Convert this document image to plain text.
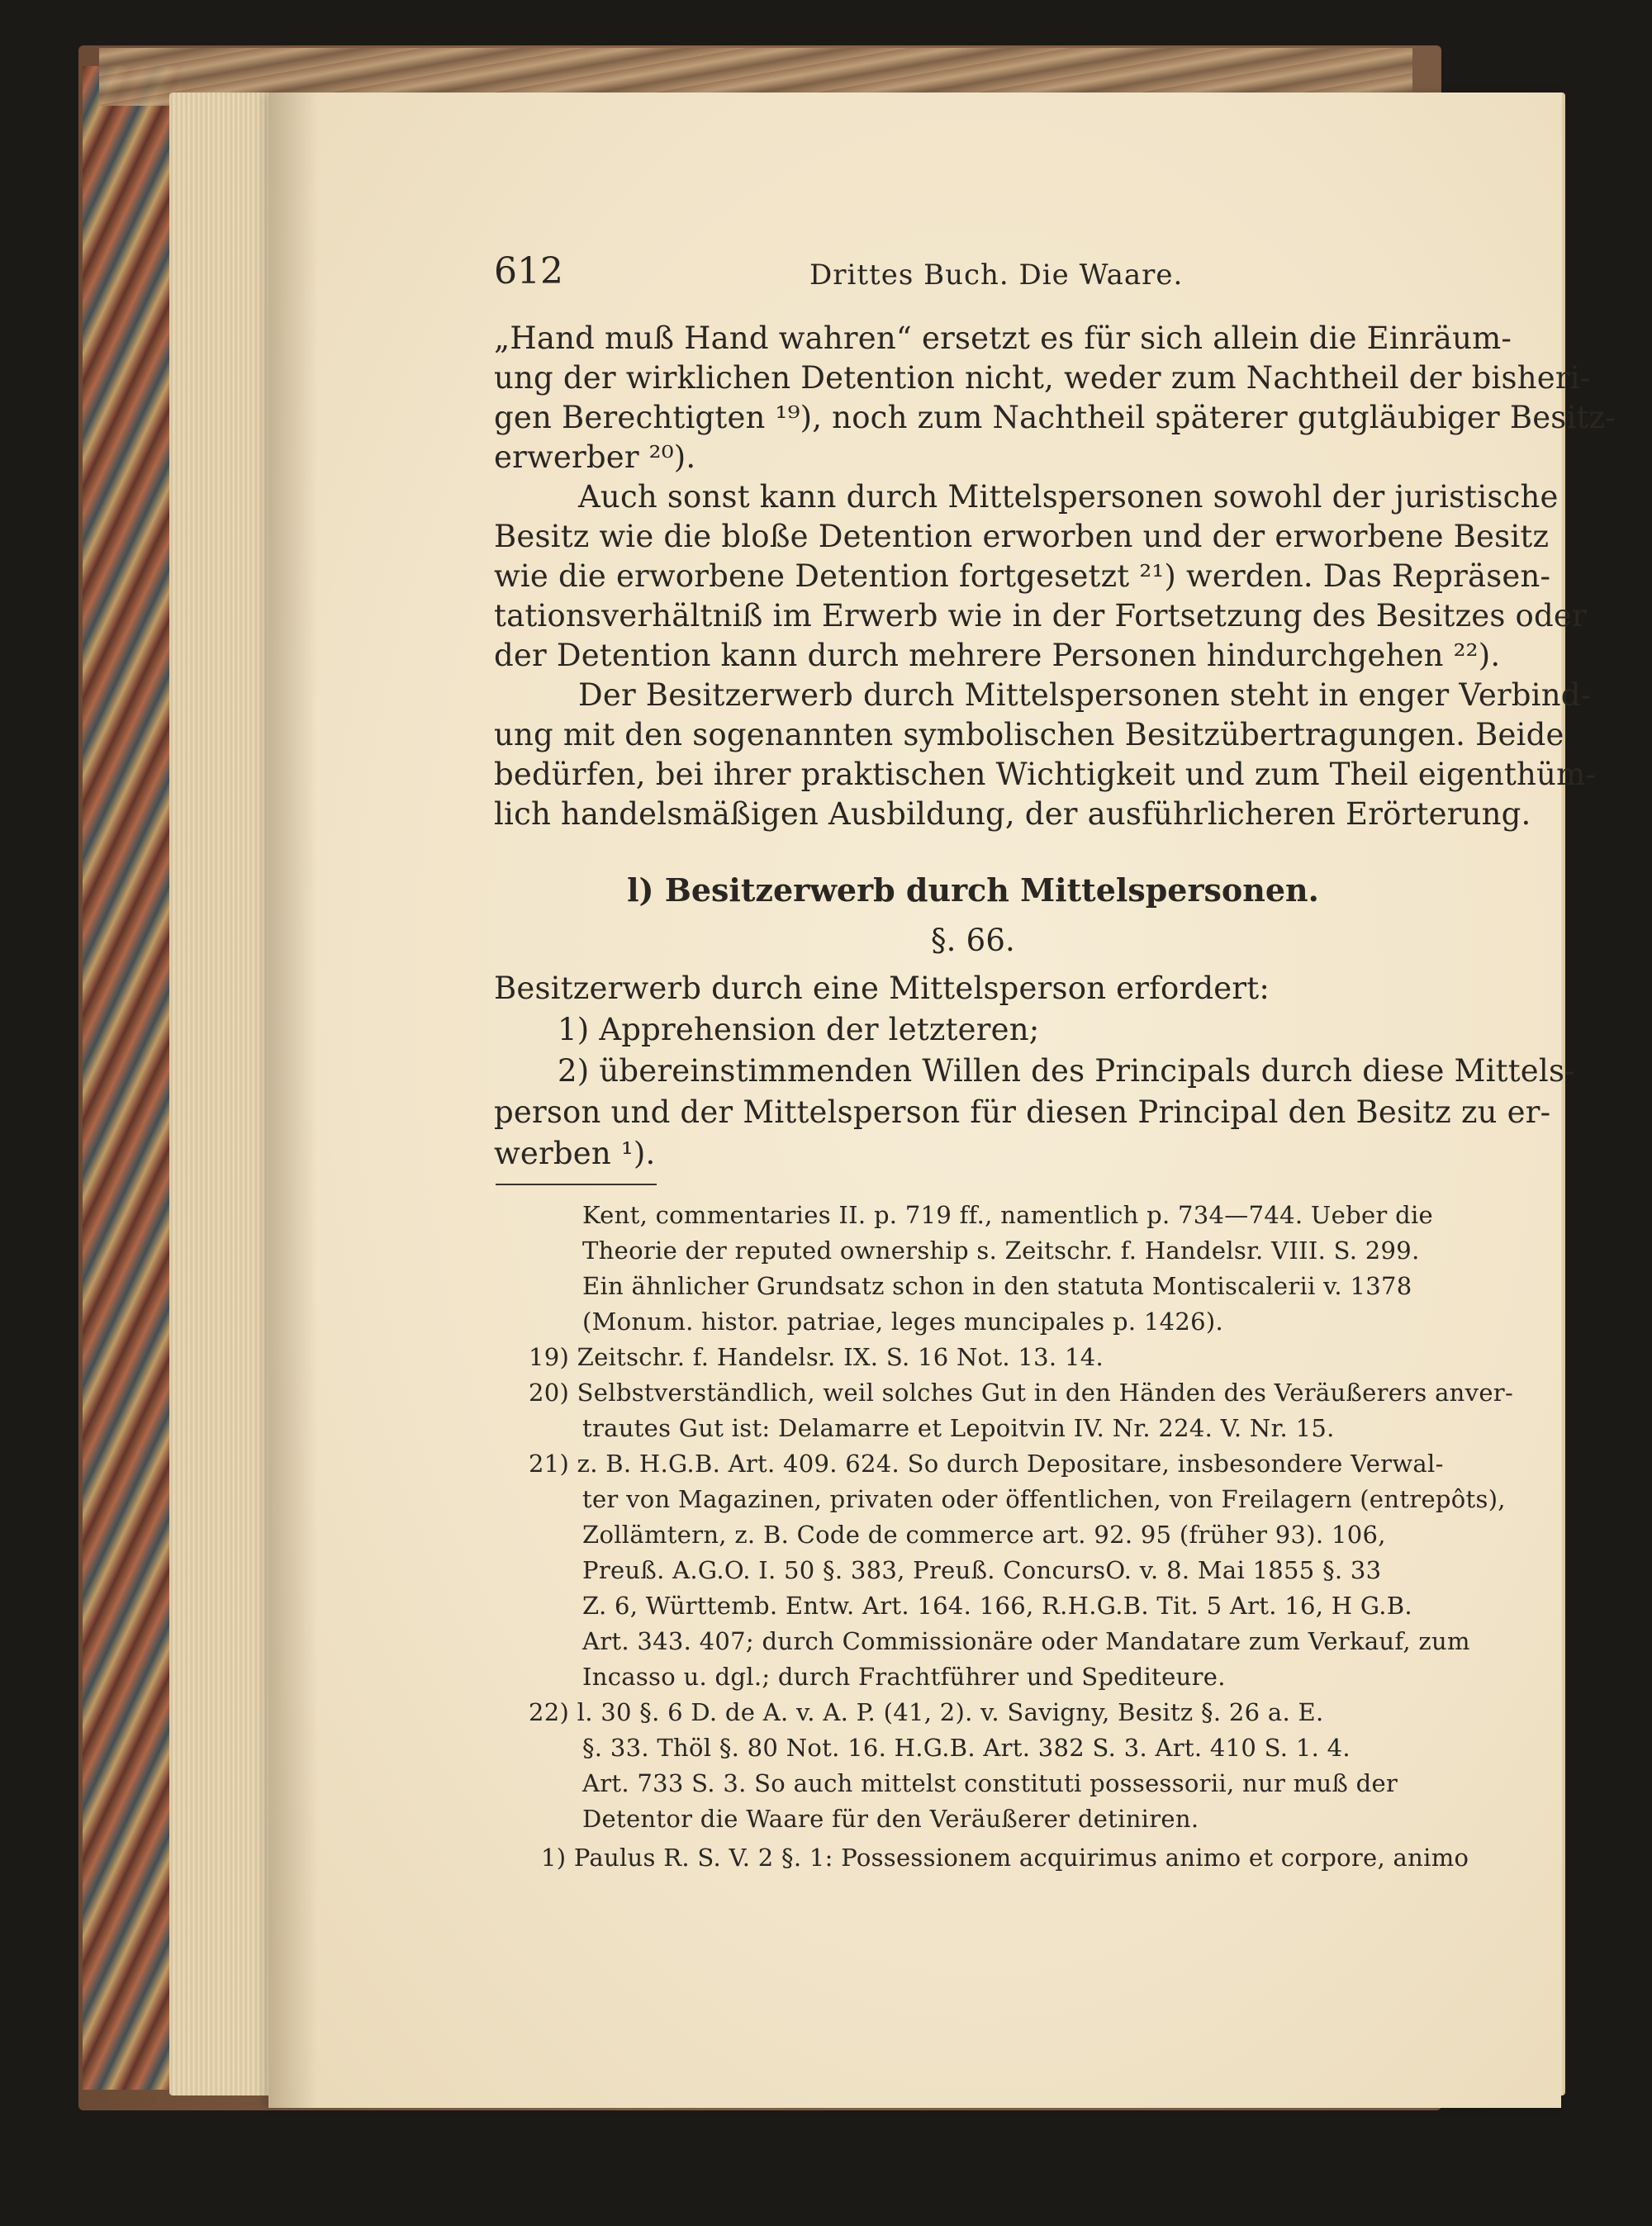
612	Drittes Buch. Die Waare.
„Hand muß Hand wahren“ ersetzt es für sich allein die Einräum-
ung der wirklichen Detention nicht, weder zum Nachtheil der bisheri-
gen Berechtigten ¹⁹), noch zum Nachtheil späterer gutgläubiger Besitz-
erwerber ²⁰).
Auch sonst kann durch Mittelspersonen sowohl der juristische
Besitz wie die bloße Detention erworben und der erworbene Besitz
wie die erworbene Detention fortgesetzt ²¹) werden. Das Repräsen-
tationsverhältniß im Erwerb wie in der Fortsetzung des Besitzes oder
der Detention kann durch mehrere Personen hindurchgehen ²²).
Der Besitzerwerb durch Mittelspersonen steht in enger Verbind-
ung mit den sogenannten symbolischen Besitzübertragungen. Beide
bedürfen, bei ihrer praktischen Wichtigkeit und zum Theil eigenthüm-
lich handelsmäßigen Ausbildung, der ausführlicheren Erörterung.
l) Besitzerwerb durch Mittelspersonen.
§. 66.
Besitzerwerb durch eine Mittelsperson erfordert:
1) Apprehension der letzteren;
2) übereinstimmenden Willen des Principals durch diese Mittels-
person und der Mittelsperson für diesen Principal den Besitz zu er-
werben ¹).
Kent, commentaries II. p. 719 ff., namentlich p. 734—744. Ueber die
Theorie der reputed ownership s. Zeitschr. f. Handelsr. VIII. S. 299.
Ein ähnlicher Grundsatz schon in den statuta Montiscalerii v. 1378
(Monum. histor. patriae, leges muncipales p. 1426).
19) Zeitschr. f. Handelsr. IX. S. 16 Not. 13. 14.
20) Selbstverständlich, weil solches Gut in den Händen des Veräußerers anver-
trautes Gut ist: Delamarre et Lepoitvin IV. Nr. 224. V. Nr. 15.
21) z. B. H.G.B. Art. 409. 624. So durch Depositare, insbesondere Verwal-
ter von Magazinen, privaten oder öffentlichen, von Freilagern (entrepôts),
Zollämtern, z. B. Code de commerce art. 92. 95 (früher 93). 106,
Preuß. A.G.O. I. 50 §. 383, Preuß. ConcursO. v. 8. Mai 1855 §. 33
Z. 6, Württemb. Entw. Art. 164. 166, R.H.G.B. Tit. 5 Art. 16, H G.B.
Art. 343. 407; durch Commissionäre oder Mandatare zum Verkauf, zum
Incasso u. dgl.; durch Frachtführer und Spediteure.
22) l. 30 §. 6 D. de A. v. A. P. (41, 2). v. Savigny, Besitz §. 26 a. E.
§. 33. Thöl §. 80 Not. 16. H.G.B. Art. 382 S. 3. Art. 410 S. 1. 4.
Art. 733 S. 3. So auch mittelst constituti possessorii, nur muß der
Detentor die Waare für den Veräußerer detiniren.
1) Paulus R. S. V. 2 §. 1: Possessionem acquirimus animo et corpore, animo
